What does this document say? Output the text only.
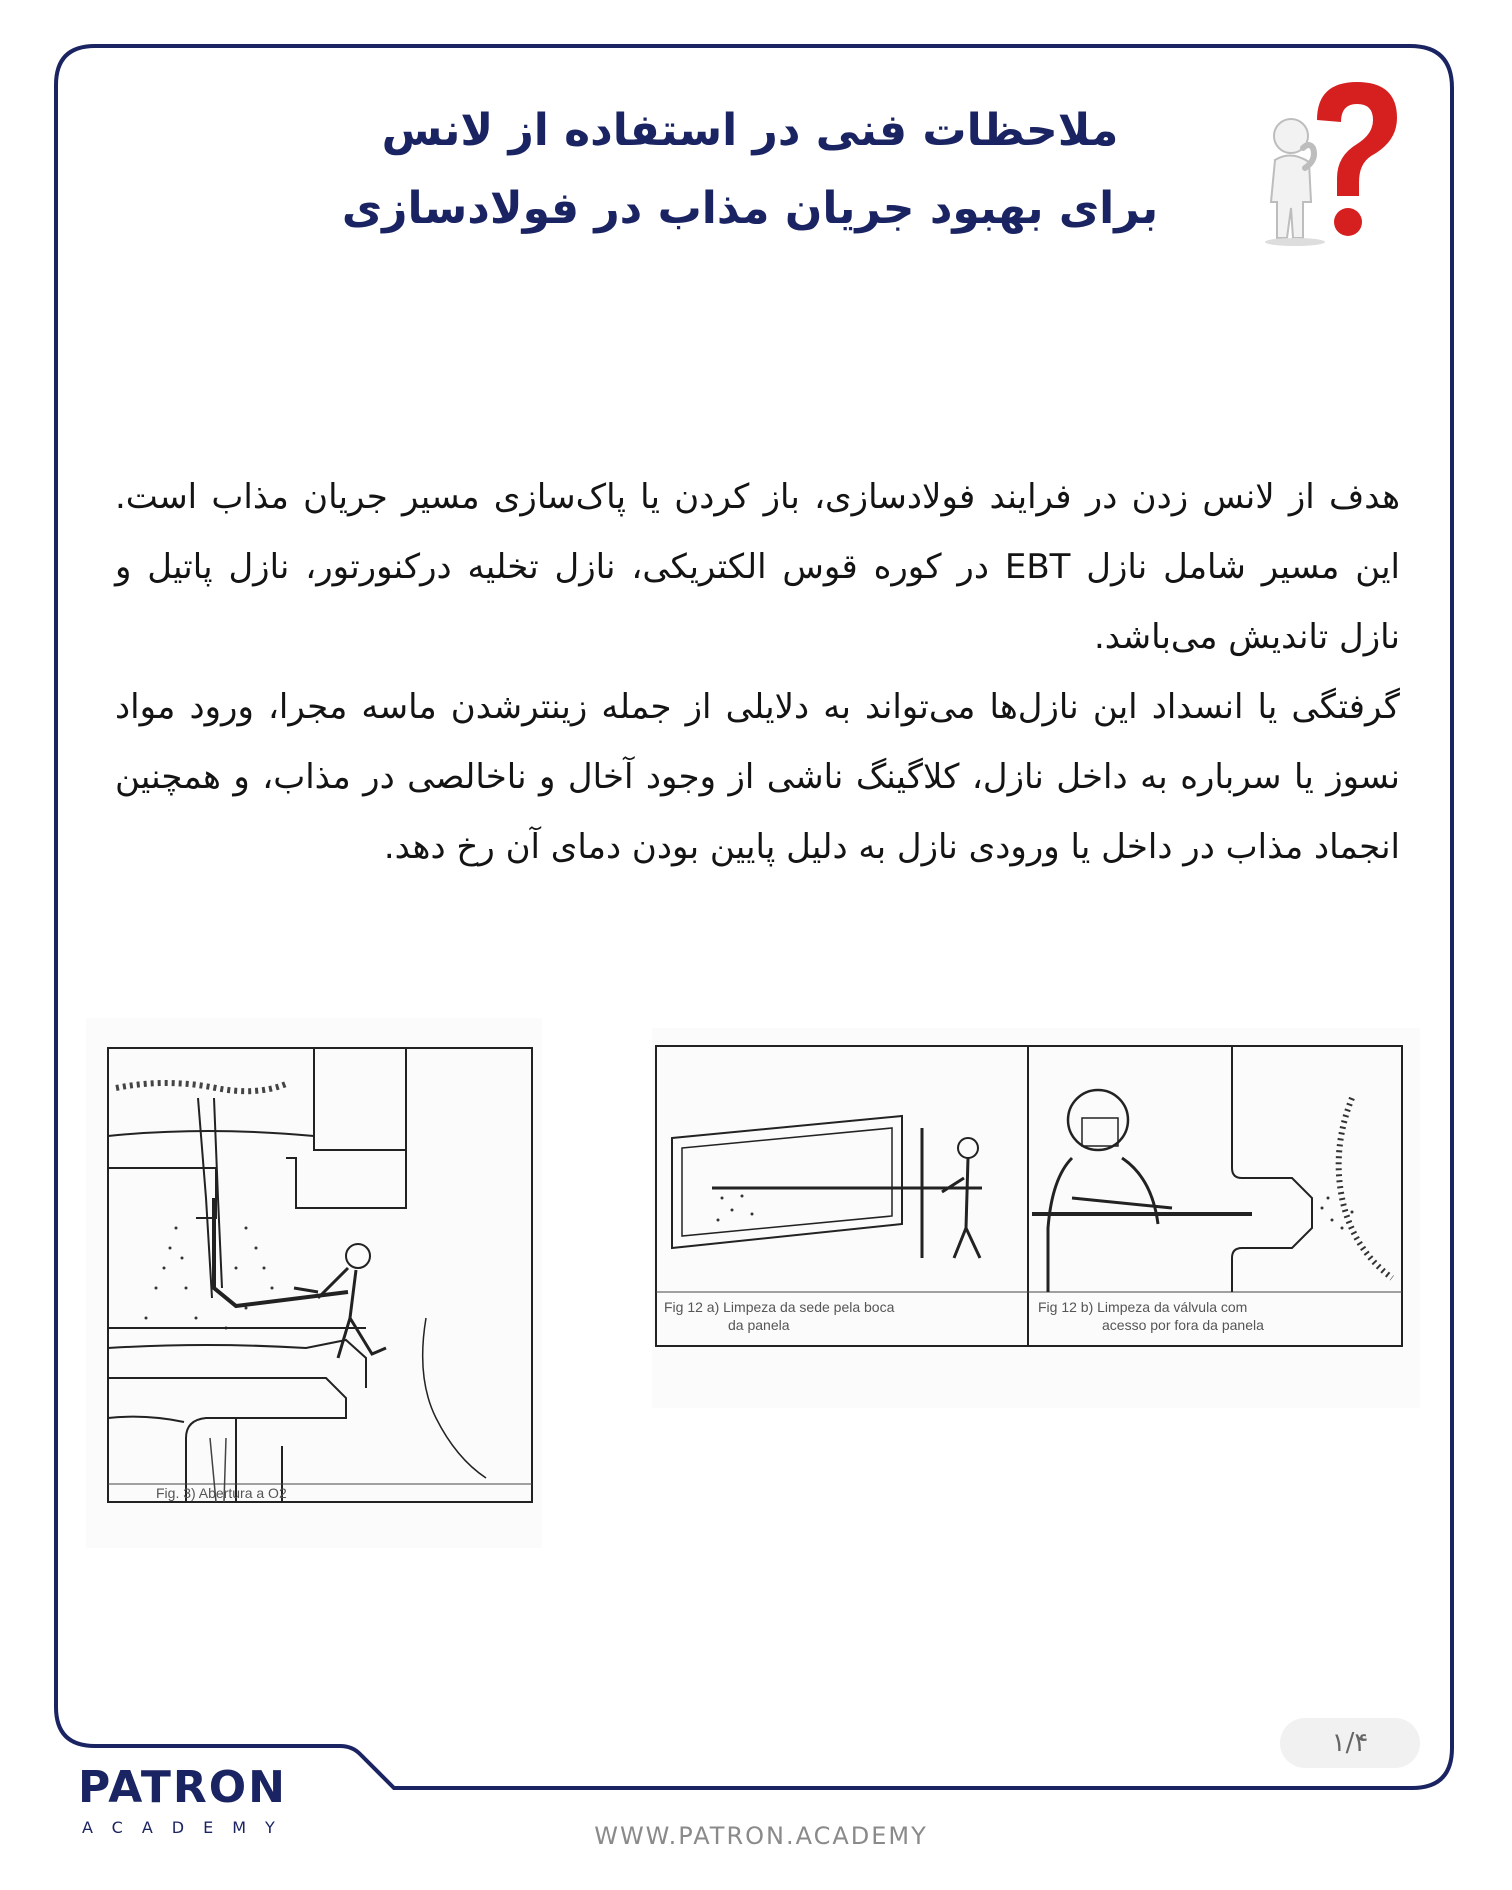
ملاحظات فنی در استفاده از لانس
برای بهبود جریان مذاب در فولادسازی

هدف از لانس زدن در فرایند فولادسازی، باز کردن یا پاک‌سازی مسیر جریان مذاب است. این مسیر شامل نازل EBT در کوره قوس الکتریکی، نازل تخلیه درکنورتور، نازل پاتیل و نازل تاندیش می‌باشد.

گرفتگی یا انسداد این نازل‌ها می‌تواند به دلایلی از جمله زینترشدن ماسه مجرا، ورود مواد نسوز یا سرباره به داخل نازل، کلاگینگ ناشی از وجود آخال و ناخالصی در مذاب، و همچنین انجماد مذاب در داخل یا ورودی نازل به دلیل پایین بودن دمای آن رخ دهد.

Fig. 3) Abertura a O2
Fig 12 a) Limpeza da sede pela boca
da panela
Fig 12 b) Limpeza da válvula com
acesso por fora da panela
۱/۴
PATRON
ACADEMY	WWW.PATRON.ACADEMY
